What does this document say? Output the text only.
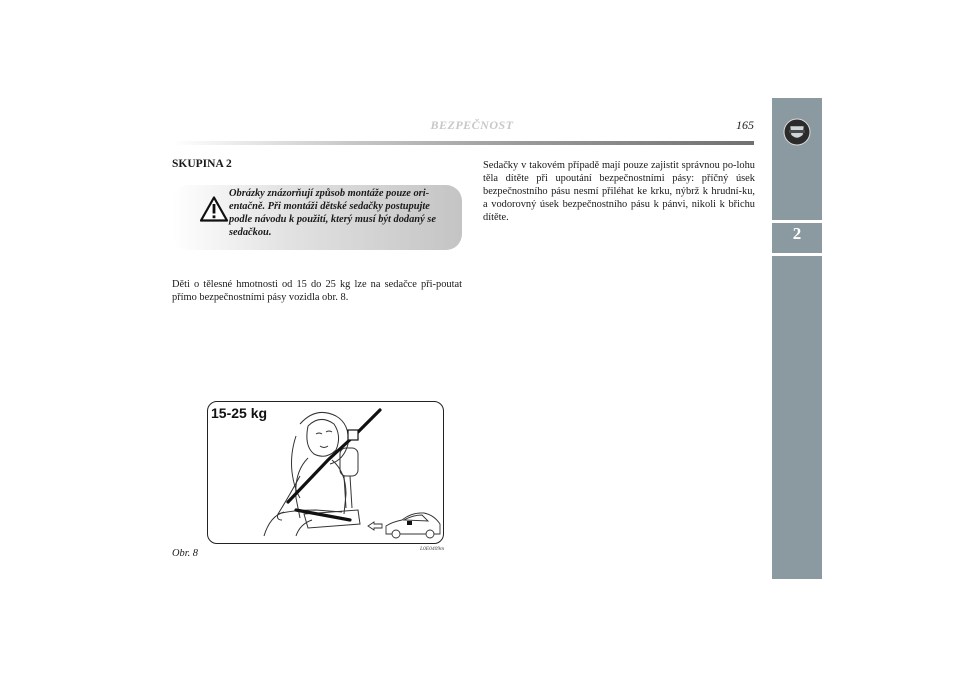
BEZPEČNOST	165
2
SKUPINA 2
Obrázky znázorňují způsob montáže pouze ori-entačně. Při montáži dětské sedačky postupujte podle návodu k použití, který musí být dodaný se sedačkou.
Děti o tělesné hmotnosti od 15 do 25 kg lze na sedačce při-poutat přímo bezpečnostními pásy vozidla obr. 8.
15-25 kg
Obr. 8	L0E0409m
Sedačky v takovém případě mají pouze zajistit správnou po-lohu těla dítěte při upoutání bezpečnostními pásy: příčný úsek bezpečnostního pásu nesmí přiléhat ke krku, nýbrž k hrudní-ku, a vodorovný úsek bezpečnostního pásu k pánvi, nikoli k břichu dítěte.
